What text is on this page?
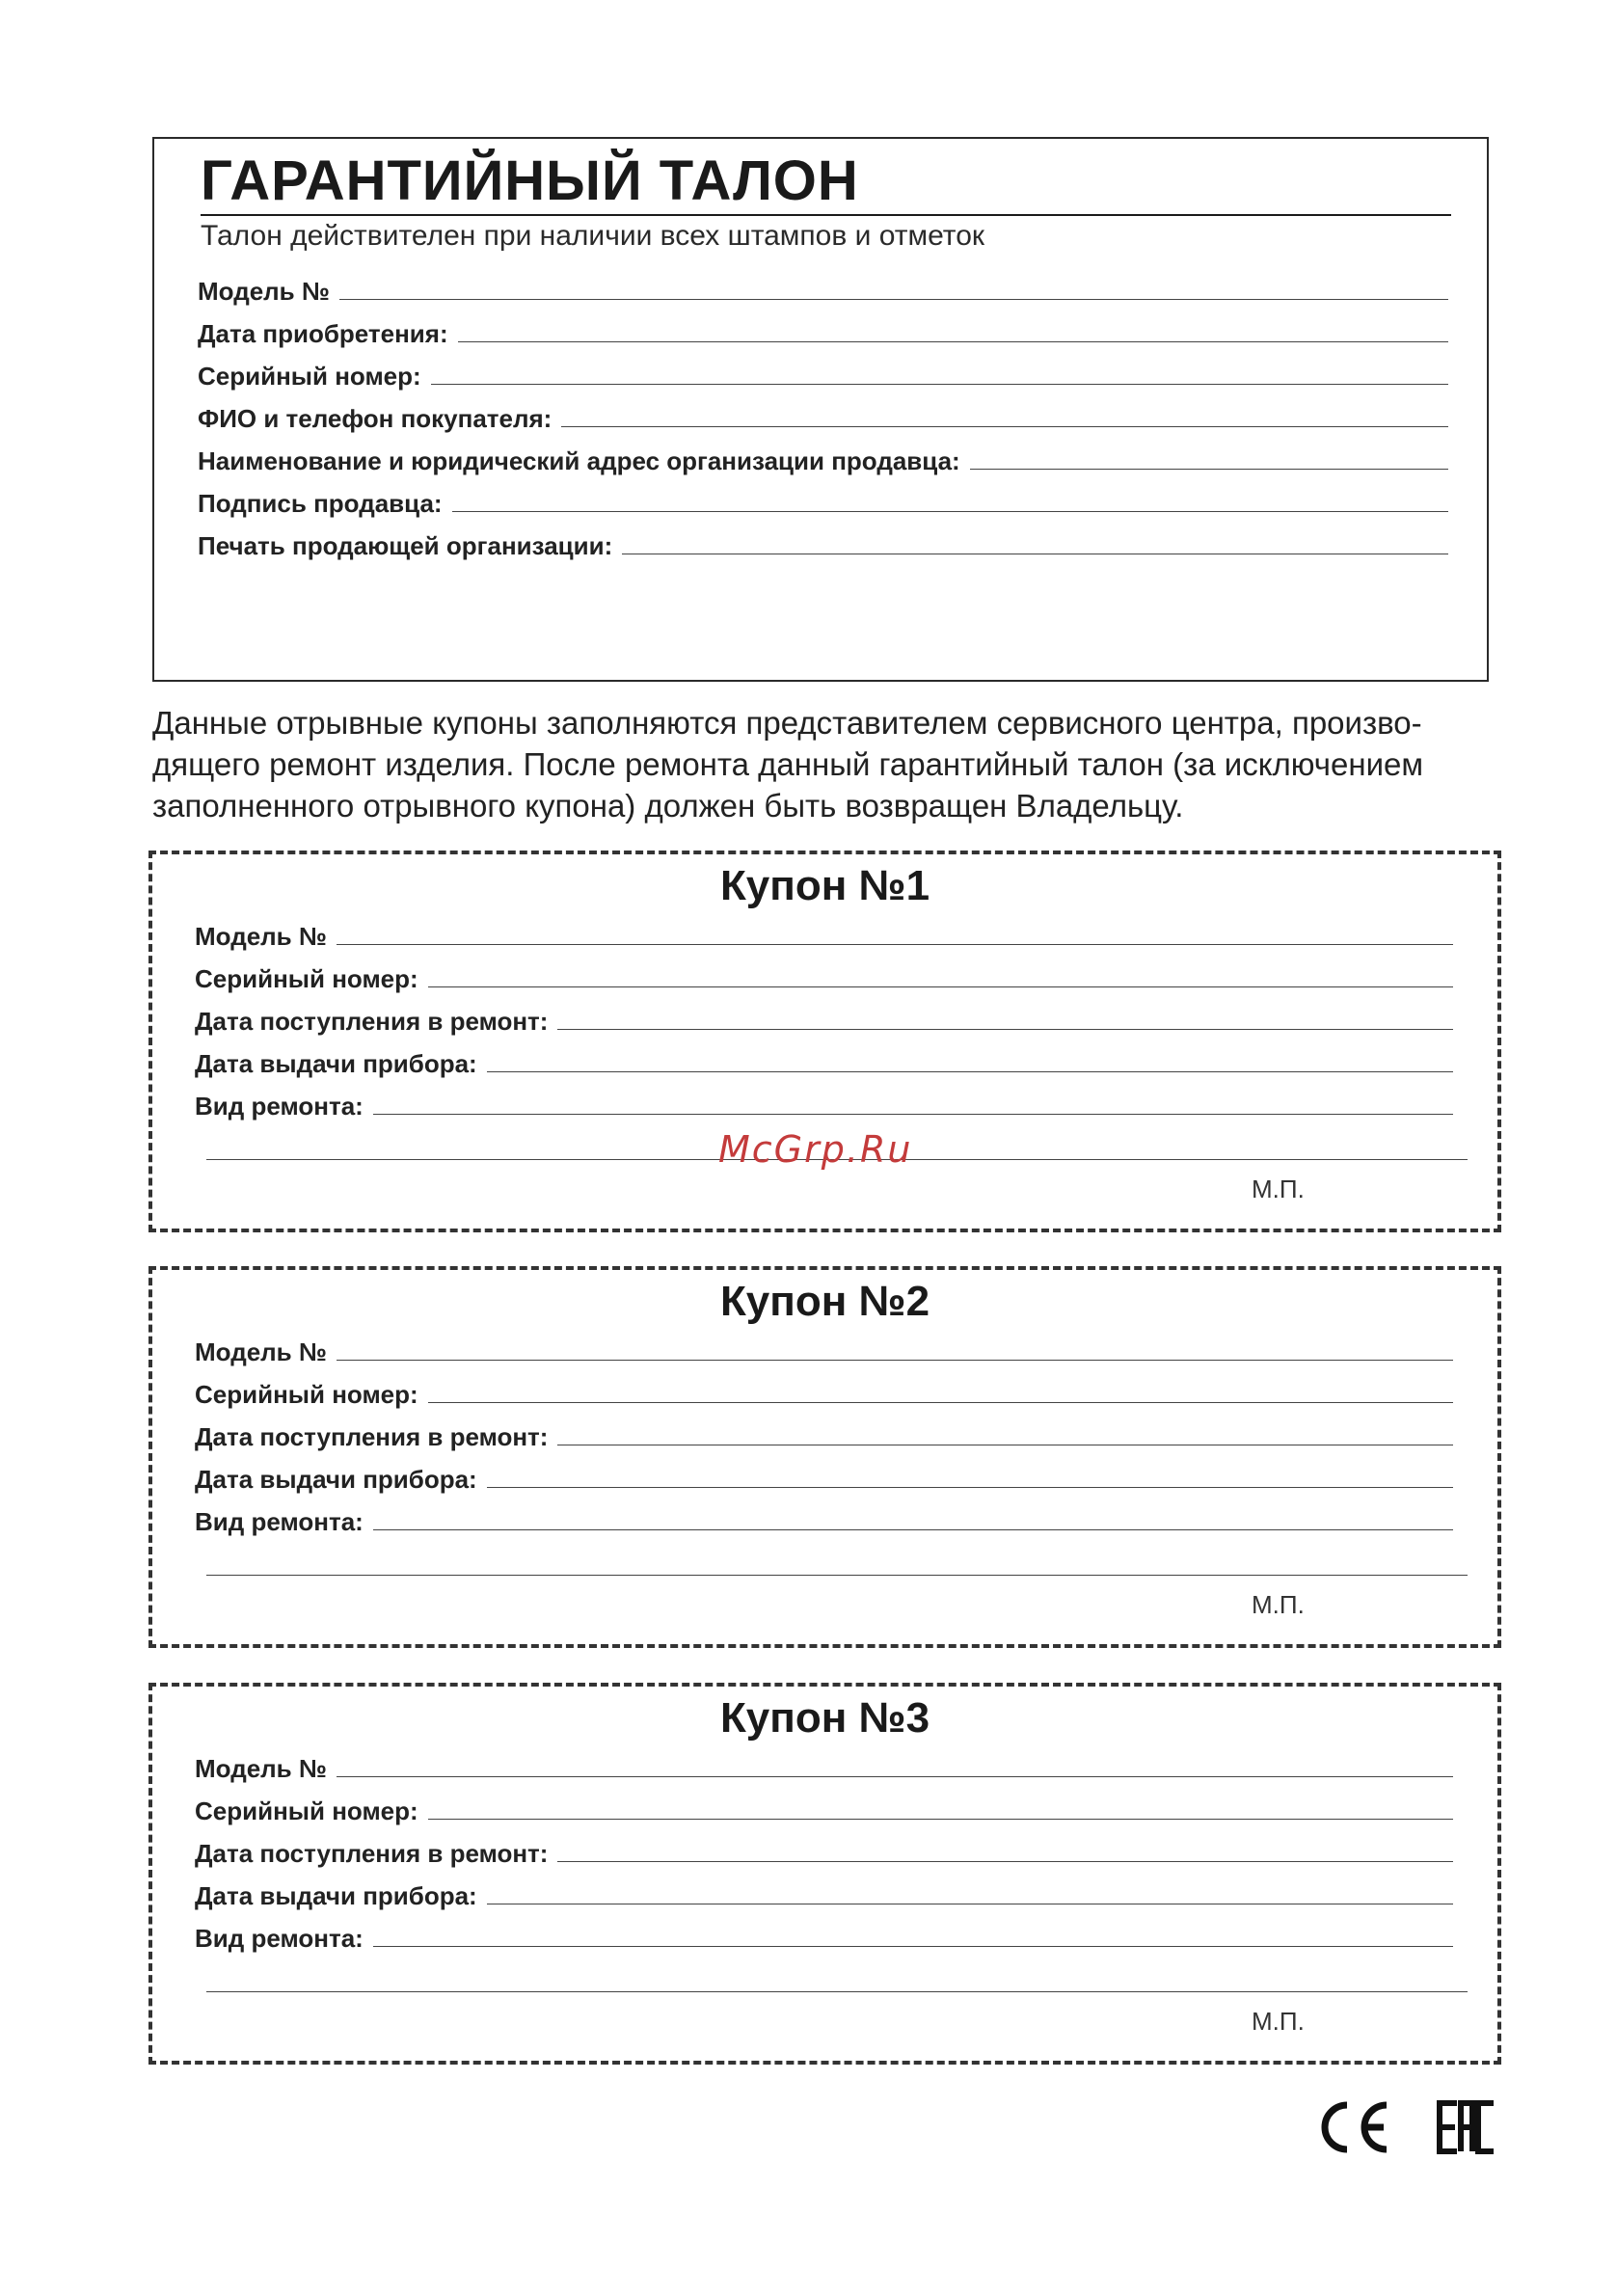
ГАРАНТИЙНЫЙ ТАЛОН
Талон действителен при наличии всех штампов и отметок
Модель №
Дата приобретения:
Серийный номер:
ФИО и телефон покупателя:
Наименование и юридический адрес организации продавца:
Подпись продавца:
Печать продающей организации:

Данные отрывные купоны заполняются представителем сервисного центра, произво-

дящего ремонт изделия. После ремонта данный гарантийный талон (за исключением

заполненного отрывного купона) должен быть возвращен Владельцу.

Купон №1
Модель №
Серийный номер:
Дата поступления в ремонт:
Дата выдачи прибора:
Вид ремонта:
М.П.
Купон №2
Модель №
Серийный номер:
Дата поступления в ремонт:
Дата выдачи прибора:
Вид ремонта:
М.П.
Купон №3
Модель №
Серийный номер:
Дата поступления в ремонт:
Дата выдачи прибора:
Вид ремонта:
М.П.
McGrp.Ru
